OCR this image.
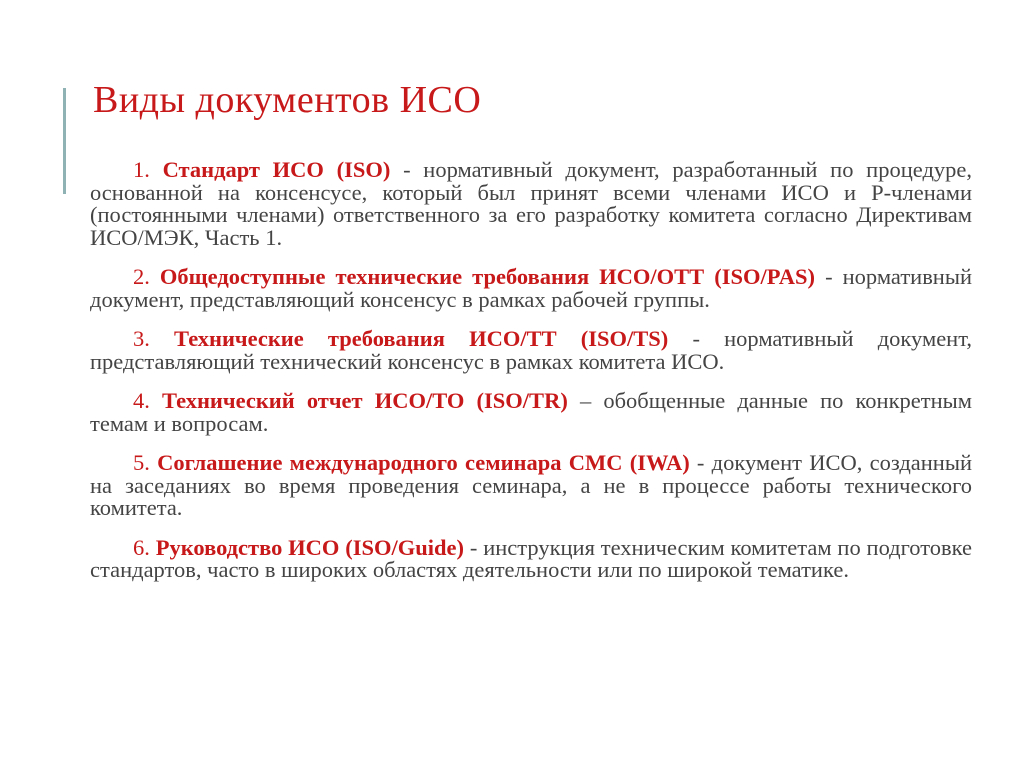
Виды документов ИСО

1. Стандарт ИСО (ISO) - нормативный документ, разработанный по процедуре, основанной на консенсусе, который был принят всеми членами ИСО и Р-членами (постоянными членами) ответственного за его разработку комитета согласно Директивам ИСО/МЭК, Часть 1.

2. Общедоступные технические требования ИСО/ОТТ (ISO/PAS) - нормативный документ, представляющий консенсус в рамках рабочей группы.

3. Технические требования ИСО/ТТ (ISO/TS) - нормативный документ, представляющий технический консенсус в рамках комитета ИСО.

4. Технический отчет ИСО/ТО (ISO/TR) – обобщенные данные по конкретным темам и вопросам.

5. Соглашение международного семинара СМС (IWA) - документ ИСО, созданный на заседаниях во время проведения семинара, а не в процессе работы технического комитета.

6. Руководство ИСО (ISO/Guide) - инструкция техническим комитетам по подготовке стандартов, часто в широких областях деятельности или по широкой тематике.
